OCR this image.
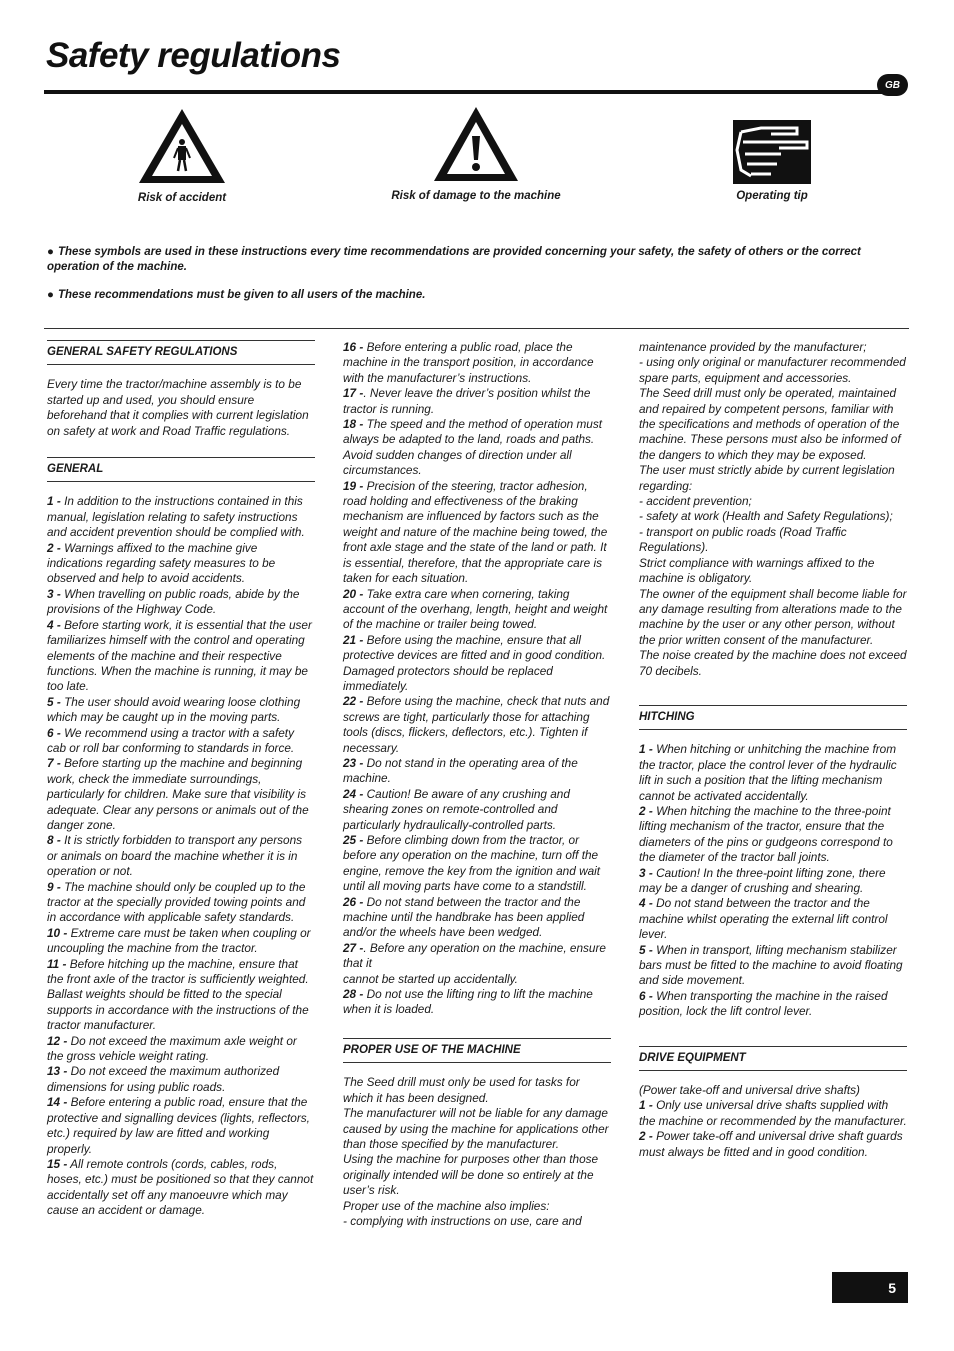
Safety regulations
GB
Risk of accident	Risk of damage to the machine	Operating tip
● These symbols are used in these instructions every time recommendations are provided concerning your safety, the safety of others or the correct operation of the machine.
● These recommendations must be given to all users of the machine.
GENERAL SAFETY REGULATIONS

Every time the tractor/machine assembly is to be started up and used, you should ensure beforehand that it complies with current legislation on safety at work and Road Traffic regulations.

GENERAL

1 - In addition to the instructions contained in this manual, legislation relating to safety instructions and accident prevention should be complied with.

2 - Warnings affixed to the machine give indications regarding safety measures to be observed and help to avoid accidents.

3 - When travelling on public roads, abide by the provisions of the Highway Code.

4 - Before starting work, it is essential that the user familiarizes himself with the control and operating elements of the machine and their respective functions. When the machine is running, it may be too late.

5 - The user should avoid wearing loose clothing which may be caught up in the moving parts.

6 - We recommend using a tractor with a safety cab or roll bar conforming to standards in force.

7 - Before starting up the machine and beginning work, check the immediate surroundings, particularly for children. Make sure that visibility is adequate. Clear any persons or animals out of the danger zone.

8 - It is strictly forbidden to transport any persons or animals on board the machine whether it is in operation or not.

9 - The machine should only be coupled up to the tractor at the specially provided towing points and in accordance with applicable safety standards.

10 - Extreme care must be taken when coupling or uncoupling the machine from the tractor.

11 - Before hitching up the machine, ensure that the front axle of the tractor is sufficiently weighted. Ballast weights should be fitted to the special supports in accordance with the instructions of the tractor manufacturer.

12 - Do not exceed the maximum axle weight or the gross vehicle weight rating.

13 - Do not exceed the maximum authorized dimensions for using public roads.

14 - Before entering a public road, ensure that the protective and signalling devices (lights, reflectors, etc.) required by law are fitted and working properly.

15 - All remote controls (cords, cables, rods, hoses, etc.) must be positioned so that they cannot accidentally set off any manoeuvre which may cause an accident or damage.

16 - Before entering a public road, place the machine in the transport position, in accordance with the manufacturer’s instructions.

17 -. Never leave the driver’s position whilst the tractor is running.

18 - The speed and the method of operation must always be adapted to the land, roads and paths. Avoid sudden changes of direction under all circumstances.

19 - Precision of the steering, tractor adhesion, road holding and effectiveness of the braking mechanism are influenced by factors such as the weight and nature of the machine being towed, the front axle stage and the state of the land or path. It is essential, therefore, that the appropriate care is taken for each situation.

20 - Take extra care when cornering, taking account of the overhang, length, height and weight of the machine or trailer being towed.

21 - Before using the machine, ensure that all protective devices are fitted and in good condition. Damaged protectors should be replaced immediately.

22 - Before using the machine, check that nuts and screws are tight, particularly those for attaching tools (discs, flickers, deflectors, etc.). Tighten if necessary.

23 - Do not stand in the operating area of the machine.

24 - Caution! Be aware of any crushing and shearing zones on remote-controlled and particularly hydraulically-controlled parts.

25 - Before climbing down from the tractor, or before any operation on the machine, turn off the engine, remove the key from the ignition and wait until all moving parts have come to a standstill.

26 - Do not stand between the tractor and the machine until the handbrake has been applied and/or the wheels have been wedged.

27 -. Before any operation on the machine, ensure that it

cannot be started up accidentally.

28 - Do not use the lifting ring to lift the machine when it is loaded.

PROPER USE OF THE MACHINE

The Seed drill must only be used for tasks for which it has been designed.

The manufacturer will not be liable for any damage caused by using the machine for applications other than those specified by the manufacturer.

Using the machine for purposes other than those originally intended will be done so entirely at the user’s risk.

Proper use of the machine also implies:

- complying with instructions on use, care and

maintenance provided by the manufacturer;

- using only original or manufacturer recommended spare parts, equipment and accessories.

The Seed drill must only be operated, maintained and repaired by competent persons, familiar with the specifications and methods of operation of the machine. These persons must also be informed of the dangers to which they may be exposed.

The user must strictly abide by current legislation regarding:

- accident prevention;

- safety at work (Health and Safety Regulations);

- transport on public roads (Road Traffic Regulations).

Strict compliance with warnings affixed to the machine is obligatory.

The owner of the equipment shall become liable for any damage resulting from alterations made to the machine by the user or any other person, without the prior written consent of the manufacturer.

The noise created by the machine does not exceed 70 decibels.

HITCHING

1 - When hitching or unhitching the machine from the tractor, place the control lever of the hydraulic lift in such a position that the lifting mechanism cannot be activated accidentally.

2 - When hitching the machine to the three-point lifting mechanism of the tractor, ensure that the diameters of the pins or gudgeons correspond to the diameter of the tractor ball joints.

3 - Caution! In the three-point lifting zone, there may be a danger of crushing and shearing.

4 - Do not stand between the tractor and the machine whilst operating the external lift control lever.

5 - When in transport, lifting mechanism stabilizer bars must be fitted to the machine to avoid floating and side movement.

6 - When transporting the machine in the raised position, lock the lift control lever.

DRIVE EQUIPMENT

(Power take-off and universal drive shafts)

1 - Only use universal drive shafts supplied with the machine or recommended by the manufacturer.

2 - Power take-off and universal drive shaft guards must always be fitted and in good condition.

5
